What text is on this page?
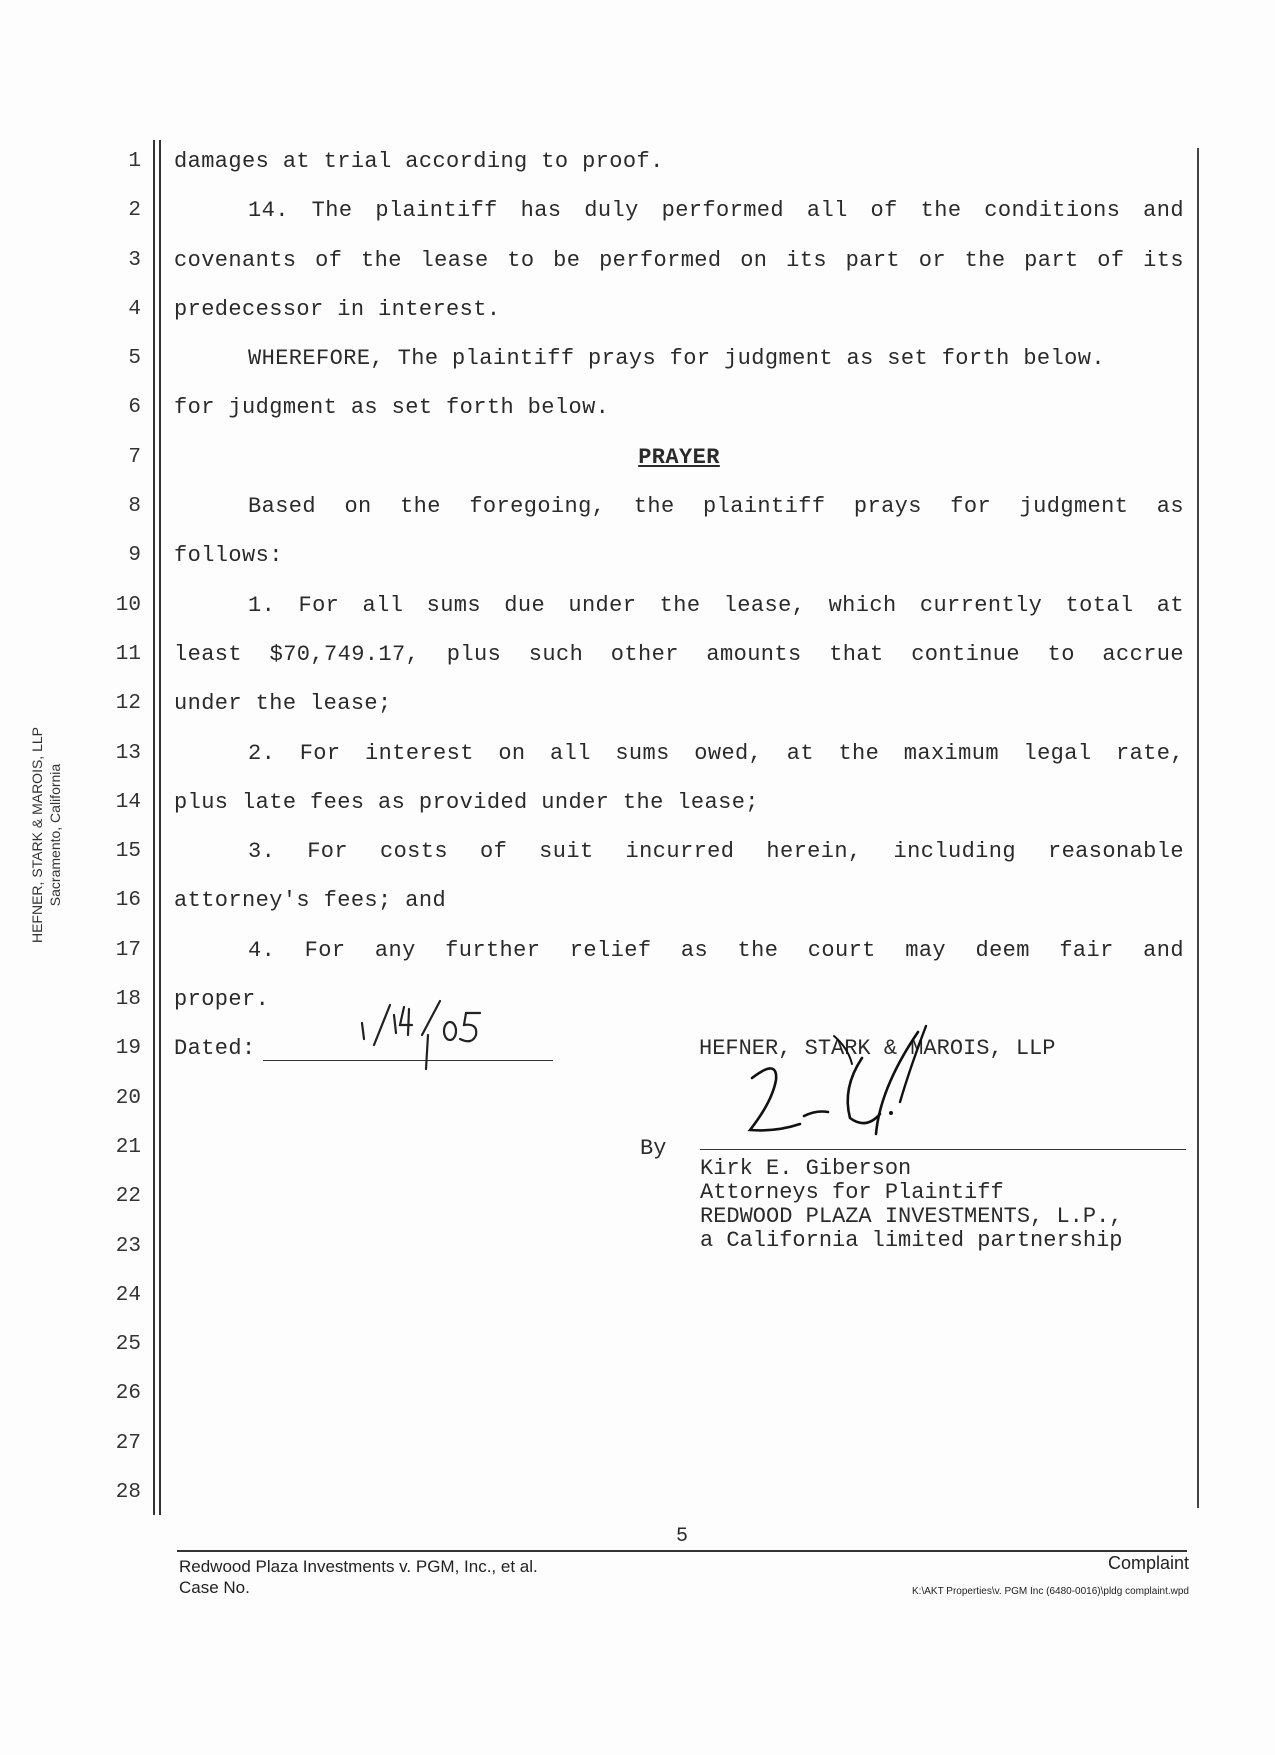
HEFNER, STARK & MAROIS, LLP Sacramento, California
1
2
3
4
5
6
7
8
9
10
11
12
13
14
15
16
17
18
19
20
21
22
23
24
25
26
27
28
damages at trial according to proof.
14. The plaintiff has duly performed all of the conditions and
covenants of the lease to be performed on its part or the part of its
predecessor in interest.
WHEREFORE, The plaintiff prays for judgment as set forth below.
for judgment as set forth below.
PRAYER
Based on the foregoing, the plaintiff prays for judgment as
follows:
1. For all sums due under the lease, which currently total at
least $70,749.17, plus such other amounts that continue to accrue
under the lease;
2. For interest on all sums owed, at the maximum legal rate,
plus late fees as provided under the lease;
3. For costs of suit incurred herein, including reasonable
attorney's fees; and
4. For any further relief as the court may deem fair and
proper.
Dated:	HEFNER, STARK & MAROIS, LLP
By
Kirk E. Giberson
Attorneys for Plaintiff
REDWOOD PLAZA INVESTMENTS, L.P.,
a California limited partnership
5
Redwood Plaza Investments v. PGM, Inc., et al.
Case No.
Complaint
K:\AKT Properties\v. PGM Inc (6480-0016)\pldg complaint.wpd
